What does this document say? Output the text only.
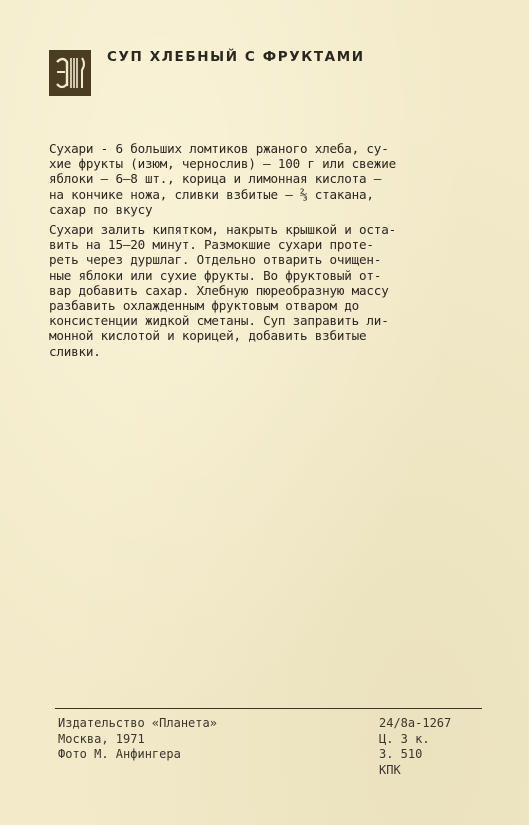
СУП ХЛЕБНЫЙ С ФРУКТАМИ
Сухари - 6 больших ломтиков ржаного хлеба, су-
хие фрукты (изюм, чернослив) — 100 г или свежие
яблоки — 6—8 шт., корица и лимонная кислота —
на кончике ножа, сливки взбитые — ⅔ стакана,
сахар по вкусу
Сухари залить кипятком, накрыть крышкой и оста-
вить на 15—20 минут. Размокшие сухари протe-
реть через дуршлаг. Отдельно отварить очищен-
ные яблоки или сухие фрукты. Во фруктовый от-
вар добавить сахар. Хлебную пюреобразную массу
разбавить охлажденным фруктовым отваром до
консистенции жидкой сметаны. Суп заправить ли-
монной кислотой и корицей, добавить взбитые
сливки.
Издательство «Планета»
Москва, 1971
Фото М. Анфингера
24/8а-1267
Ц. 3 к.
З. 510
КПК
